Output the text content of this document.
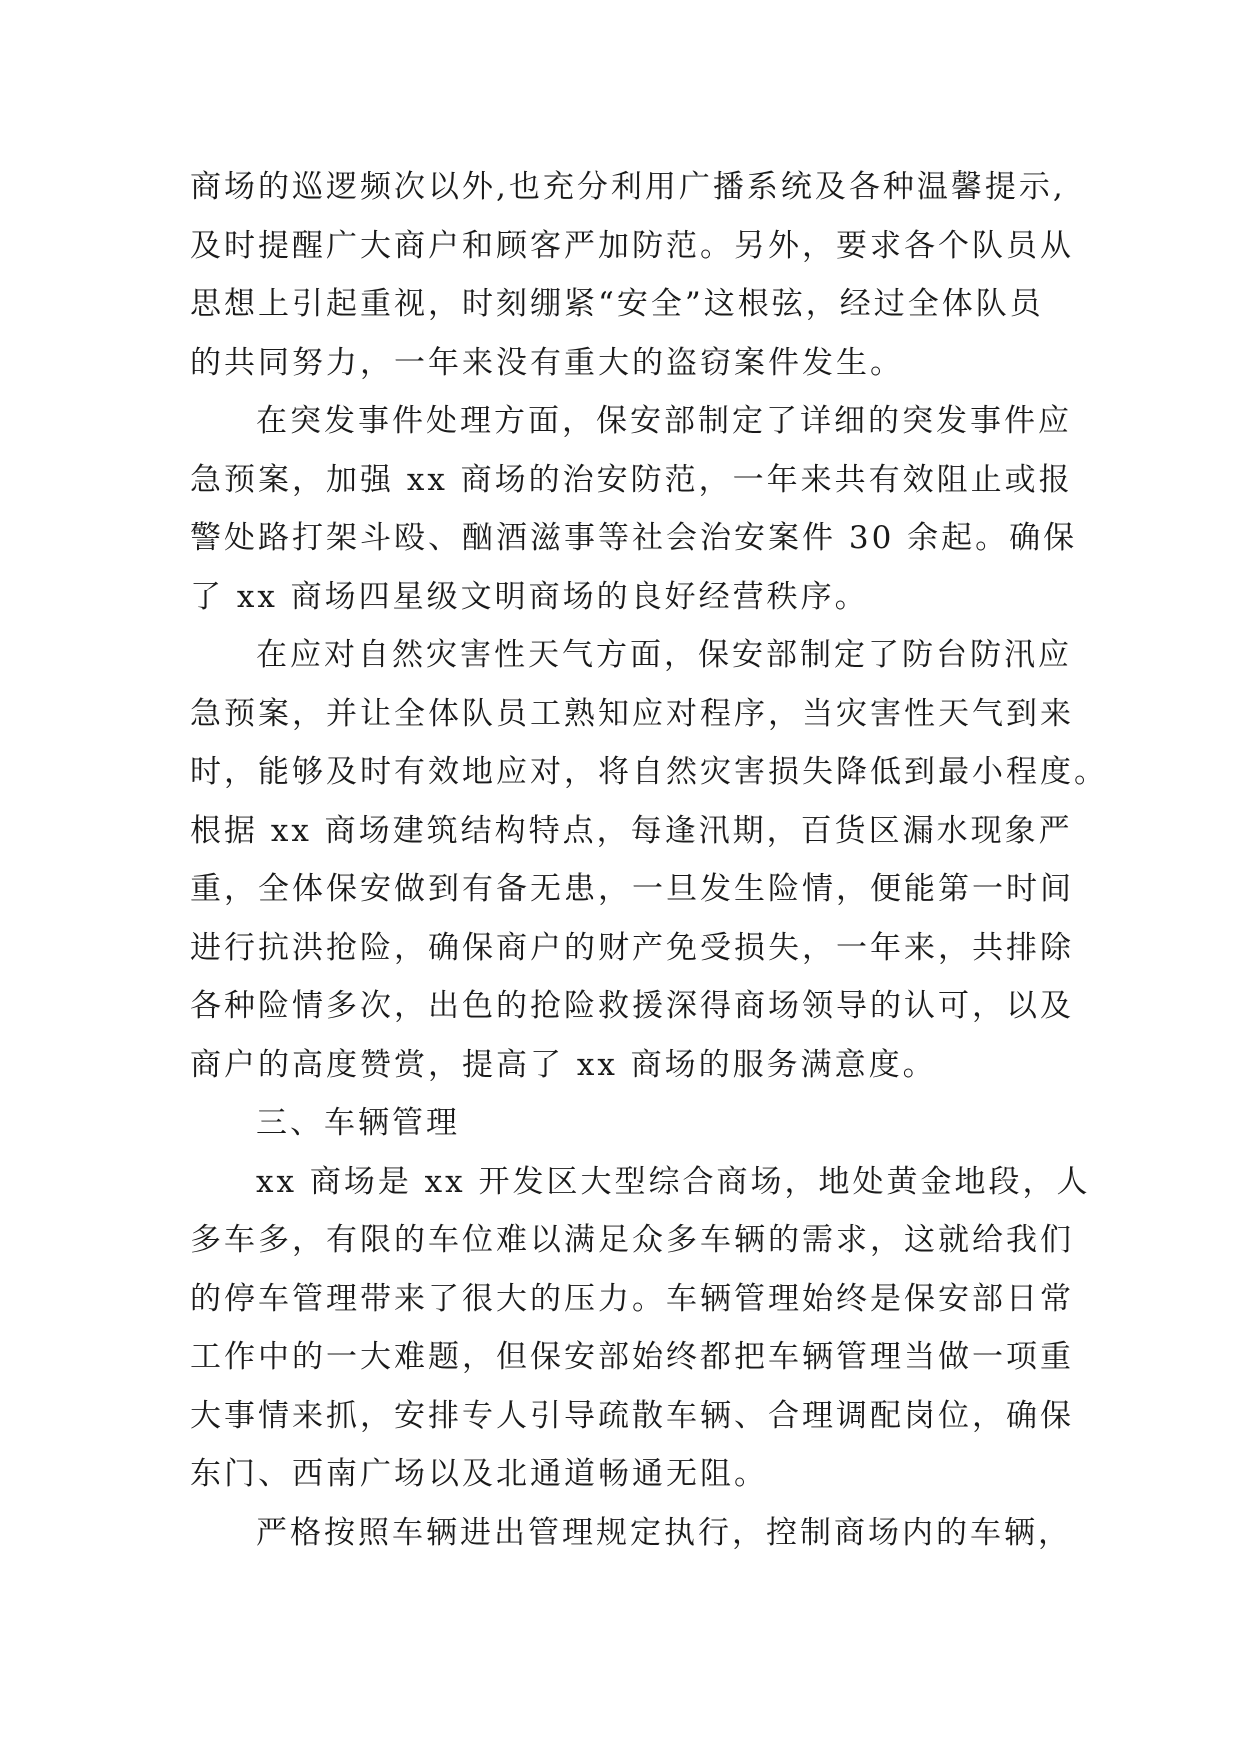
商场的巡逻频次以外,也充分利用广播系统及各种温馨提示,

及时提醒广大商户和顾客严加防范。另外，要求各个队员从

思想上引起重视，时刻绷紧“安全”这根弦，经过全体队员

的共同努力，一年来没有重大的盗窃案件发生。

在突发事件处理方面，保安部制定了详细的突发事件应

急预案，加强 xx 商场的治安防范，一年来共有效阻止或报

警处路打架斗殴、酗酒滋事等社会治安案件 30 余起。确保

了 xx 商场四星级文明商场的良好经营秩序。

在应对自然灾害性天气方面，保安部制定了防台防汛应

急预案，并让全体队员工熟知应对程序，当灾害性天气到来

时，能够及时有效地应对，将自然灾害损失降低到最小程度。

根据 xx 商场建筑结构特点，每逢汛期，百货区漏水现象严

重，全体保安做到有备无患，一旦发生险情，便能第一时间

进行抗洪抢险，确保商户的财产免受损失，一年来，共排除

各种险情多次，出色的抢险救援深得商场领导的认可，以及

商户的高度赞赏，提高了 xx 商场的服务满意度。

三、车辆管理

xx 商场是 xx 开发区大型综合商场，地处黄金地段，人

多车多，有限的车位难以满足众多车辆的需求，这就给我们

的停车管理带来了很大的压力。车辆管理始终是保安部日常

工作中的一大难题，但保安部始终都把车辆管理当做一项重

大事情来抓，安排专人引导疏散车辆、合理调配岗位，确保

东门、西南广场以及北通道畅通无阻。

严格按照车辆进出管理规定执行，控制商场内的车辆，
